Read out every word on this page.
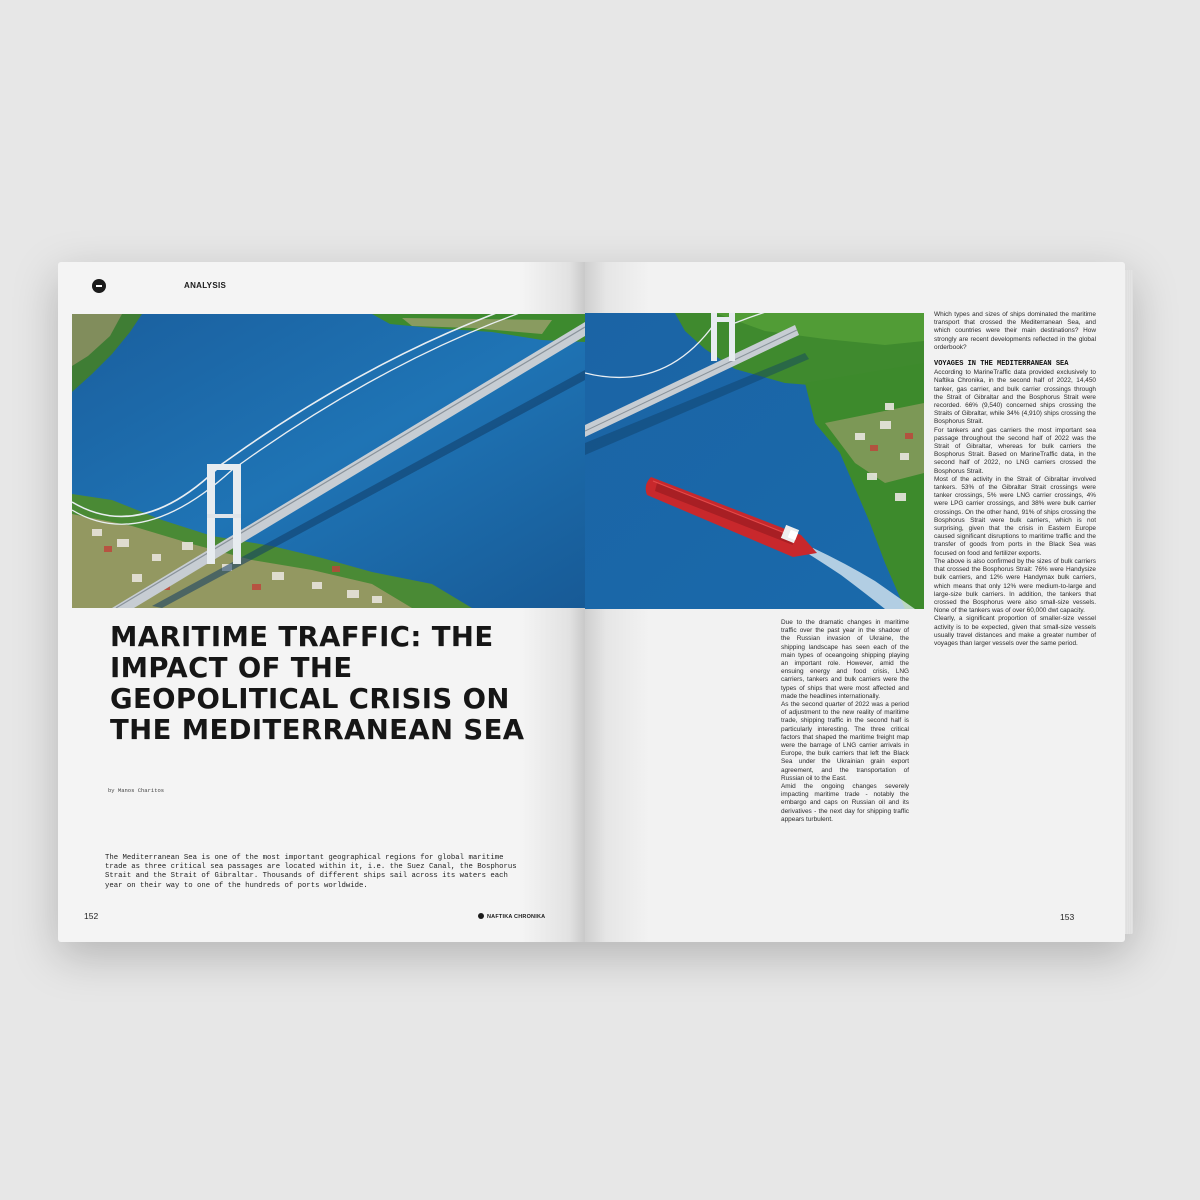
ANALYSIS
MARITIME TRAFFIC: THE IMPACT OF THE GEOPOLITICAL CRISIS ON THE MEDITERRANEAN SEA
by Manos Charitos

The Mediterranean Sea is one of the most important geographical regions for global maritime trade as three critical sea passages are located within it, i.e. the Suez Canal, the Bosphorus Strait and the Strait of Gibraltar. Thousands of different ships sail across its waters each year on their way to one of the hundreds of ports worldwide.

152	NAFTIKA CHRONIKA

Due to the dramatic changes in maritime traffic over the past year in the shadow of the Russian invasion of Ukraine, the shipping landscape has seen each of the main types of oceangoing shipping playing an important role. However, amid the ensuing energy and food crisis, LNG carriers, tankers and bulk carriers were the types of ships that were most affected and made the headlines internationally.

As the second quarter of 2022 was a period of adjustment to the new reality of maritime trade, shipping traffic in the second half is particularly interesting. The three critical factors that shaped the maritime freight map were the barrage of LNG carrier arrivals in Europe, the bulk carriers that left the Black Sea under the Ukrainian grain export agreement, and the transportation of Russian oil to the East.

Amid the ongoing changes severely impacting maritime trade - notably the embargo and caps on Russian oil and its derivatives - the next day for shipping traffic appears turbulent.

Which types and sizes of ships dominated the maritime transport that crossed the Mediterranean Sea, and which countries were their main destinations? How strongly are recent developments reflected in the global orderbook?

VOYAGES IN THE MEDITERRANEAN SEA

According to MarineTraffic data provided exclusively to Naftika Chronika, in the second half of 2022, 14,450 tanker, gas carrier, and bulk carrier crossings through the Strait of Gibraltar and the Bosphorus Strait were recorded. 66% (9,540) concerned ships crossing the Straits of Gibraltar, while 34% (4,910) ships crossing the Bosphorus Strait.

For tankers and gas carriers the most important sea passage throughout the second half of 2022 was the Strait of Gibraltar, whereas for bulk carriers the Bosphorus Strait. Based on MarineTraffic data, in the second half of 2022, no LNG carriers crossed the Bosphorus Strait.

Most of the activity in the Strait of Gibraltar involved tankers. 53% of the Gibraltar Strait crossings were tanker crossings, 5% were LNG carrier crossings, 4% were LPG carrier crossings, and 38% were bulk carrier crossings. On the other hand, 91% of ships crossing the Bosphorus Strait were bulk carriers, which is not surprising, given that the crisis in Eastern Europe caused significant disruptions to maritime traffic and the transfer of goods from ports in the Black Sea was focused on food and fertilizer exports.

The above is also confirmed by the sizes of bulk carriers that crossed the Bosphorus Strait: 76% were Handysize bulk carriers, and 12% were Handymax bulk carriers, which means that only 12% were medium-to-large and large-size bulk carriers. In addition, the tankers that crossed the Bosphorus were also small-size vessels. None of the tankers was of over 60,000 dwt capacity.

Clearly, a significant proportion of smaller-size vessel activity is to be expected, given that small-size vessels usually travel distances and make a greater number of voyages than larger vessels over the same period.

153
